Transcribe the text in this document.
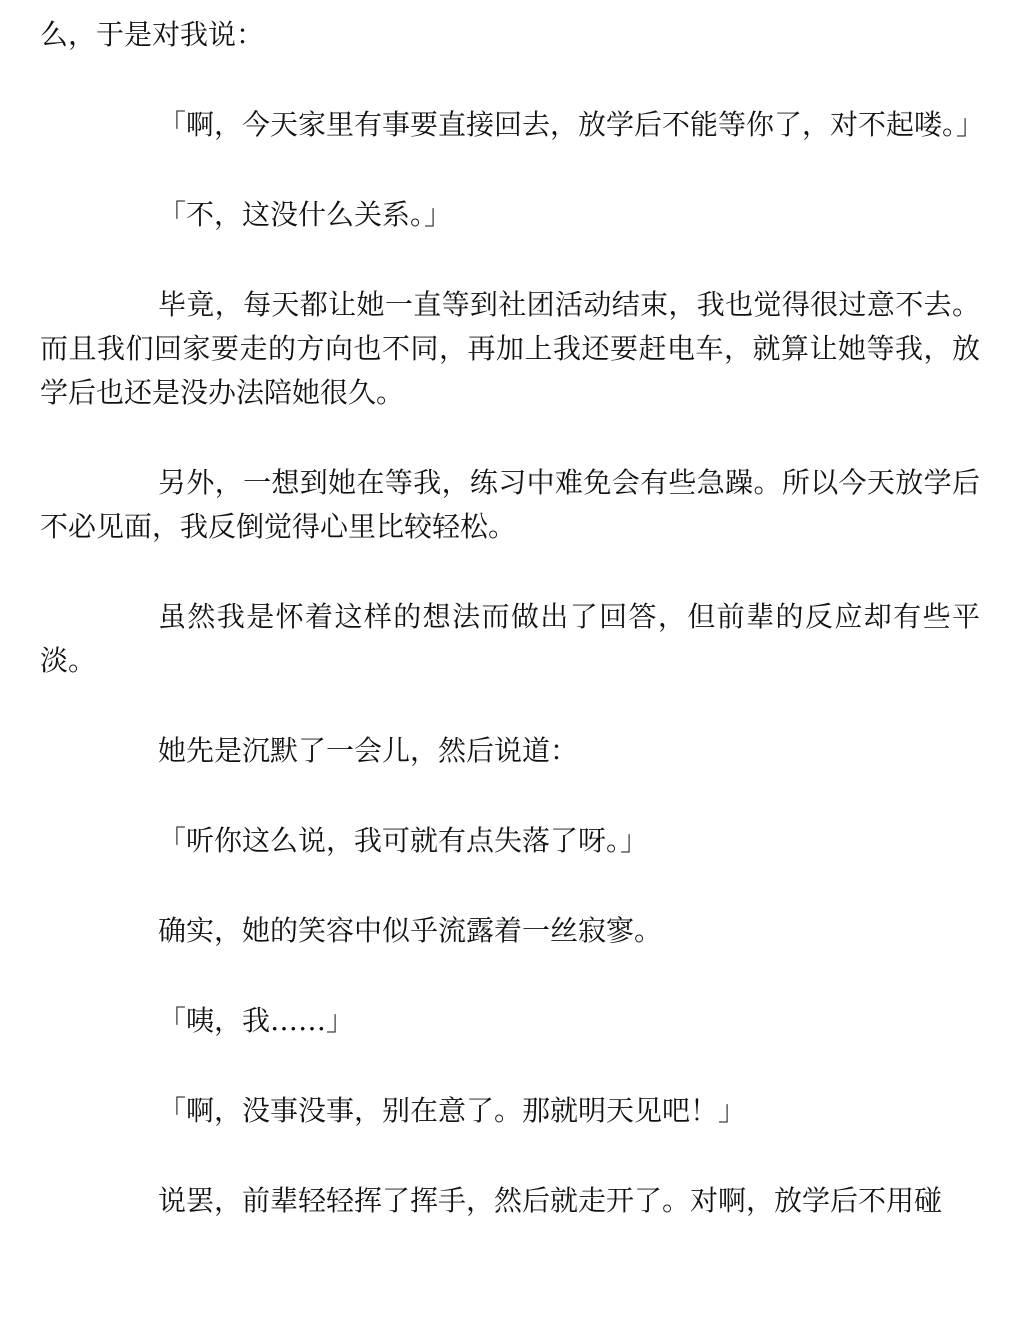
么，于是对我说：

「啊，今天家里有事要直接回去，放学后不能等你了，对不起喽。」

「不，这没什么关系。」

毕竟，每天都让她一直等到社团活动结束，我也觉得很过意不去。而且我们回家要走的方向也不同，再加上我还要赶电车，就算让她等我，放学后也还是没办法陪她很久。

另外，一想到她在等我，练习中难免会有些急躁。所以今天放学后不必见面，我反倒觉得心里比较轻松。

虽然我是怀着这样的想法而做出了回答，但前辈的反应却有些平淡。

她先是沉默了一会儿，然后说道：

「听你这么说，我可就有点失落了呀。」

确实，她的笑容中似乎流露着一丝寂寥。

「咦，我……」

「啊，没事没事，别在意了。那就明天见吧！」

说罢，前辈轻轻挥了挥手，然后就走开了。对啊，放学后不用碰
